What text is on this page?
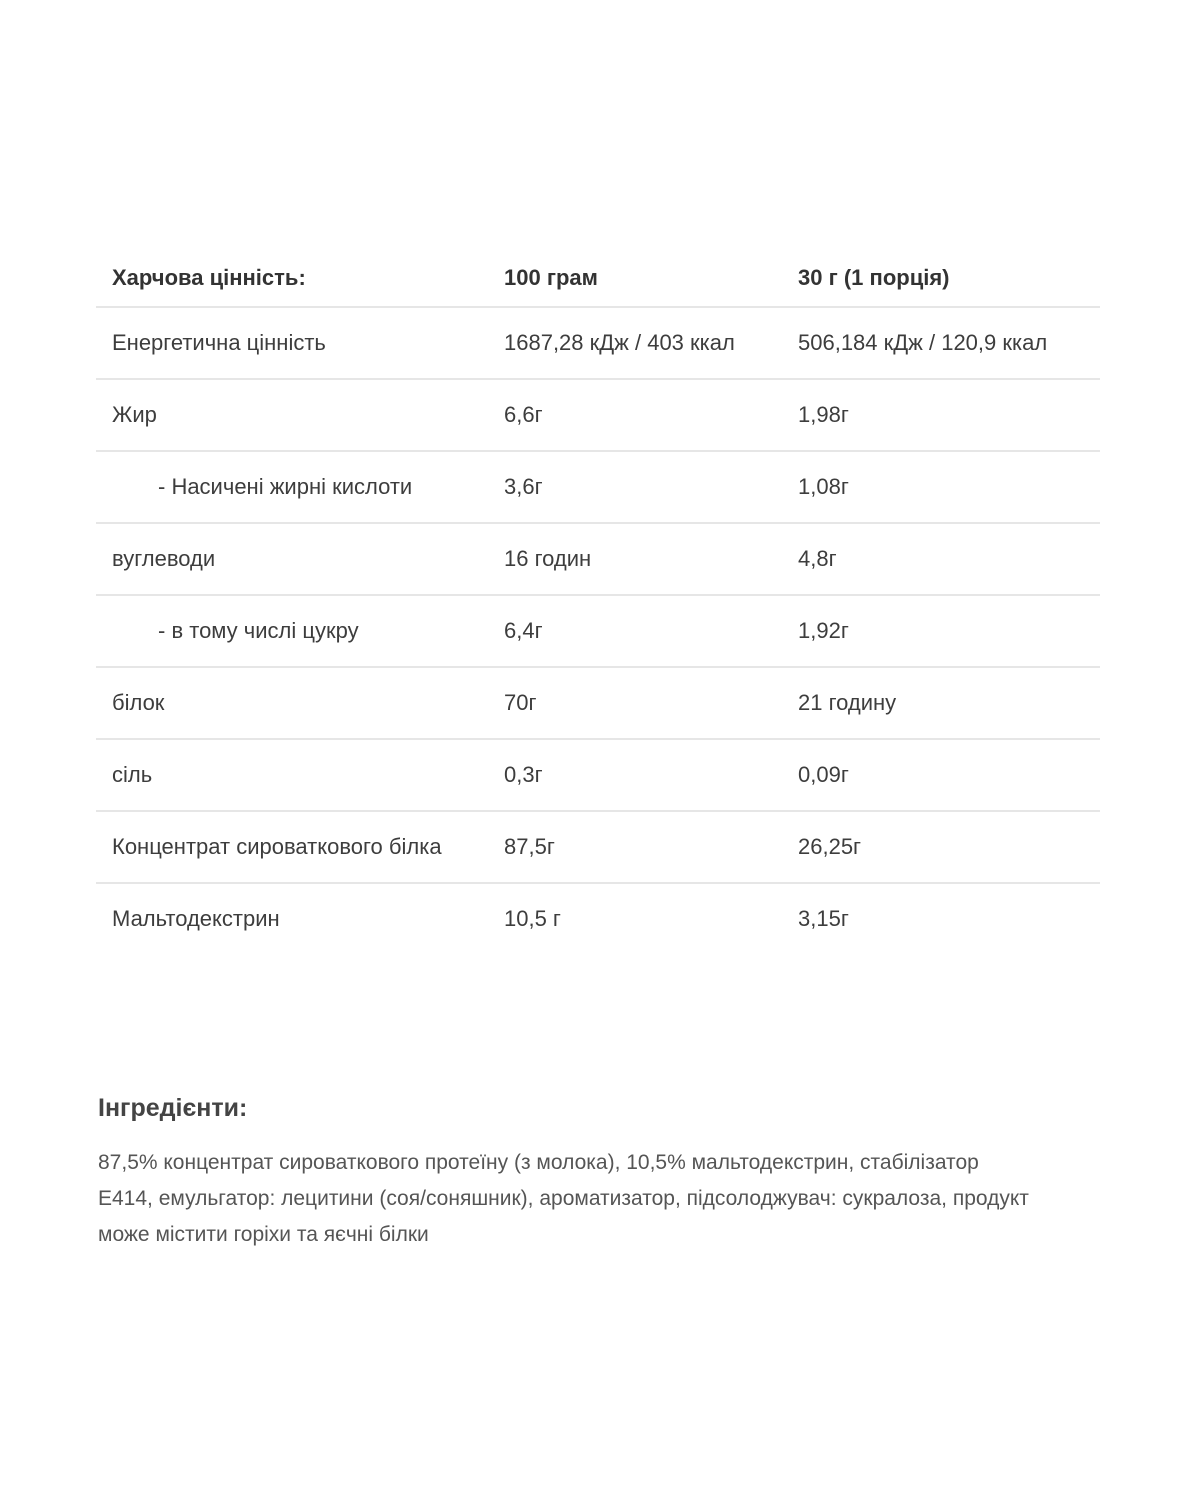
Харчова цінність:	100 грам	30 г (1 порція)
Енергетична цінність	1687,28 кДж / 403 ккал	506,184 кДж / 120,9 ккал
Жир	6,6г	1,98г
- Насичені жирні кислоти	3,6г	1,08г
вуглеводи	16 годин	4,8г
- в тому числі цукру	6,4г	1,92г
білок	70г	21 годину
сіль	0,3г	0,09г
Концентрат сироваткового білка	87,5г	26,25г
Мальтодекстрин	10,5 г	3,15г
Інгредієнти:

87,5% концентрат сироваткового протеїну (з молока), 10,5% мальтодекстрин, стабілізатор Е414, емульгатор: лецитини (соя/соняшник), ароматизатор, підсолоджувач: сукралоза, продукт може містити горіхи та яєчні білки
